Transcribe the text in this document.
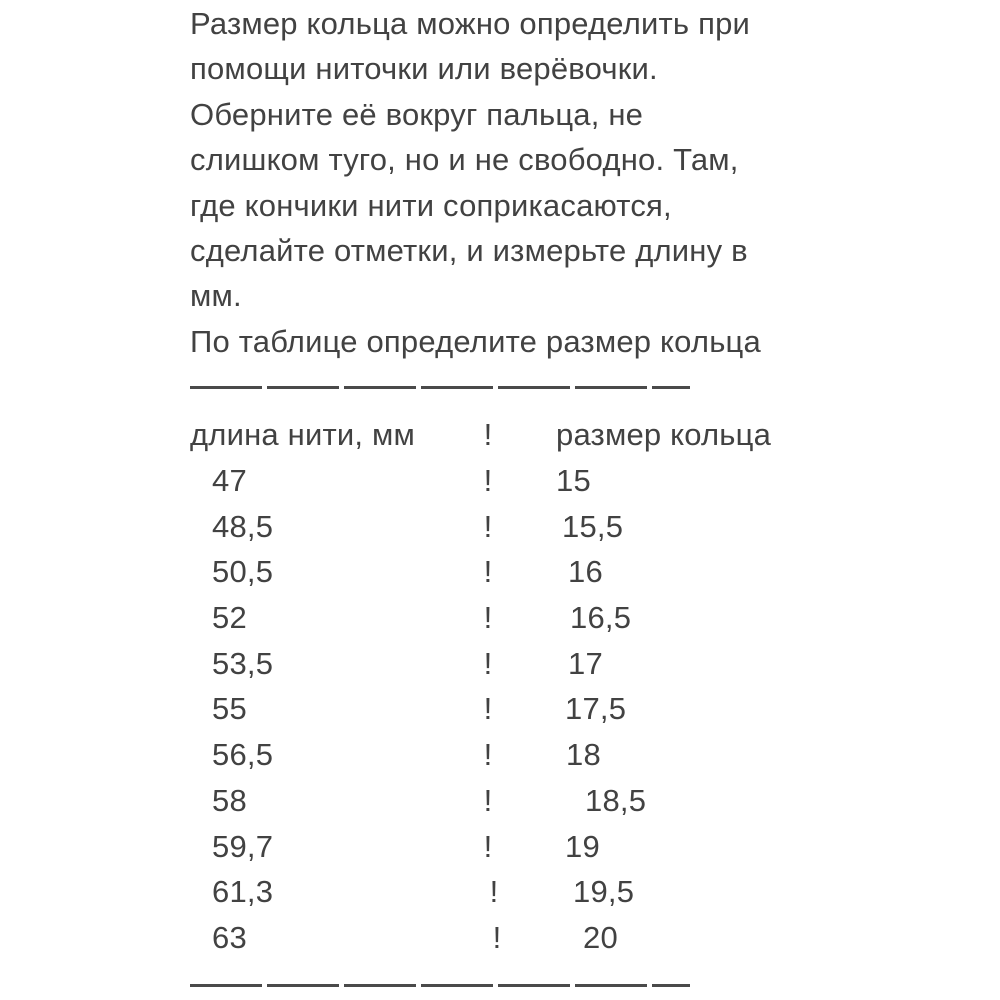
Размер кольца можно определить при
помощи ниточки или верёвочки.
Оберните её вокруг пальца, не
слишком туго, но и не свободно. Там,
где кончики нити соприкасаются,
сделайте отметки, и измерьте длину в
мм.
По таблице определите размер кольца
длина нити, мм	!	размер кольца
47	!	15
48,5	!	15,5
50,5	!	16
52	!	16,5
53,5	!	17
55	!	17,5
56,5	!	18
58	!	18,5
59,7	!	19
61,3	!	19,5
63	!	20
